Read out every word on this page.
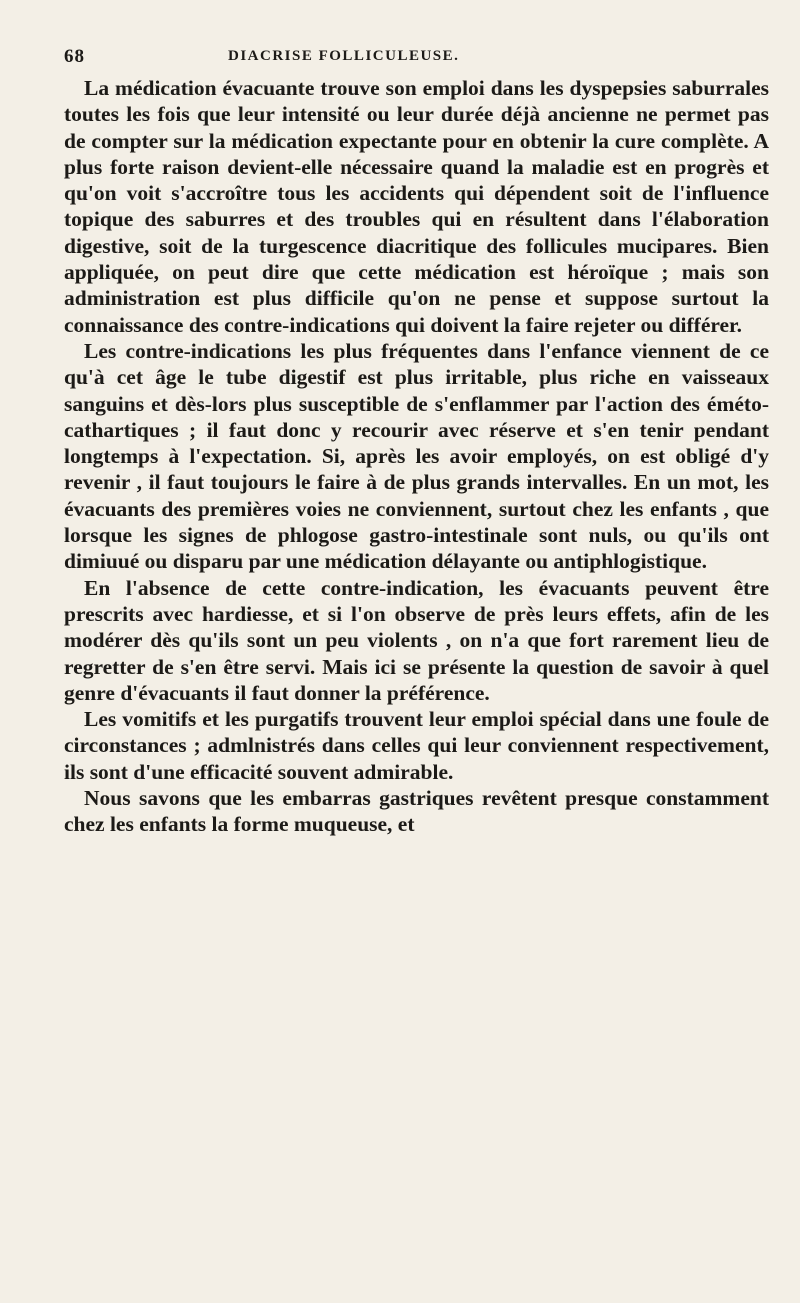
68	DIACRISE FOLLICULEUSE.

La médication évacuante trouve son emploi dans les dyspepsies saburrales toutes les fois que leur intensité ou leur durée déjà ancienne ne permet pas de compter sur la médication expectante pour en obtenir la cure complète. A plus forte raison devient-elle nécessaire quand la maladie est en progrès et qu'on voit s'accroître tous les accidents qui dépendent soit de l'influence topique des saburres et des troubles qui en résultent dans l'élaboration digestive, soit de la turgescence diacritique des follicules mucipares. Bien appliquée, on peut dire que cette médication est héroïque ; mais son administration est plus difficile qu'on ne pense et suppose surtout la connaissance des contre-indications qui doivent la faire rejeter ou différer.

Les contre-indications les plus fréquentes dans l'enfance viennent de ce qu'à cet âge le tube digestif est plus irritable, plus riche en vaisseaux sanguins et dès-lors plus susceptible de s'enflammer par l'action des éméto-cathartiques ; il faut donc y recourir avec réserve et s'en tenir pendant longtemps à l'expectation. Si, après les avoir employés, on est obligé d'y revenir , il faut toujours le faire à de plus grands intervalles. En un mot, les évacuants des premières voies ne conviennent, surtout chez les enfants , que lorsque les signes de phlogose gastro-intestinale sont nuls, ou qu'ils ont dimiuué ou disparu par une médication délayante ou antiphlogistique.

En l'absence de cette contre-indication, les évacuants peuvent être prescrits avec hardiesse, et si l'on observe de près leurs effets, afin de les modérer dès qu'ils sont un peu violents , on n'a que fort rarement lieu de regretter de s'en être servi. Mais ici se présente la question de savoir à quel genre d'évacuants il faut donner la préférence.

Les vomitifs et les purgatifs trouvent leur emploi spécial dans une foule de circonstances ; admlnistrés dans celles qui leur conviennent respectivement, ils sont d'une efficacité souvent admirable.

Nous savons que les embarras gastriques revêtent presque constamment chez les enfants la forme muqueuse, et
